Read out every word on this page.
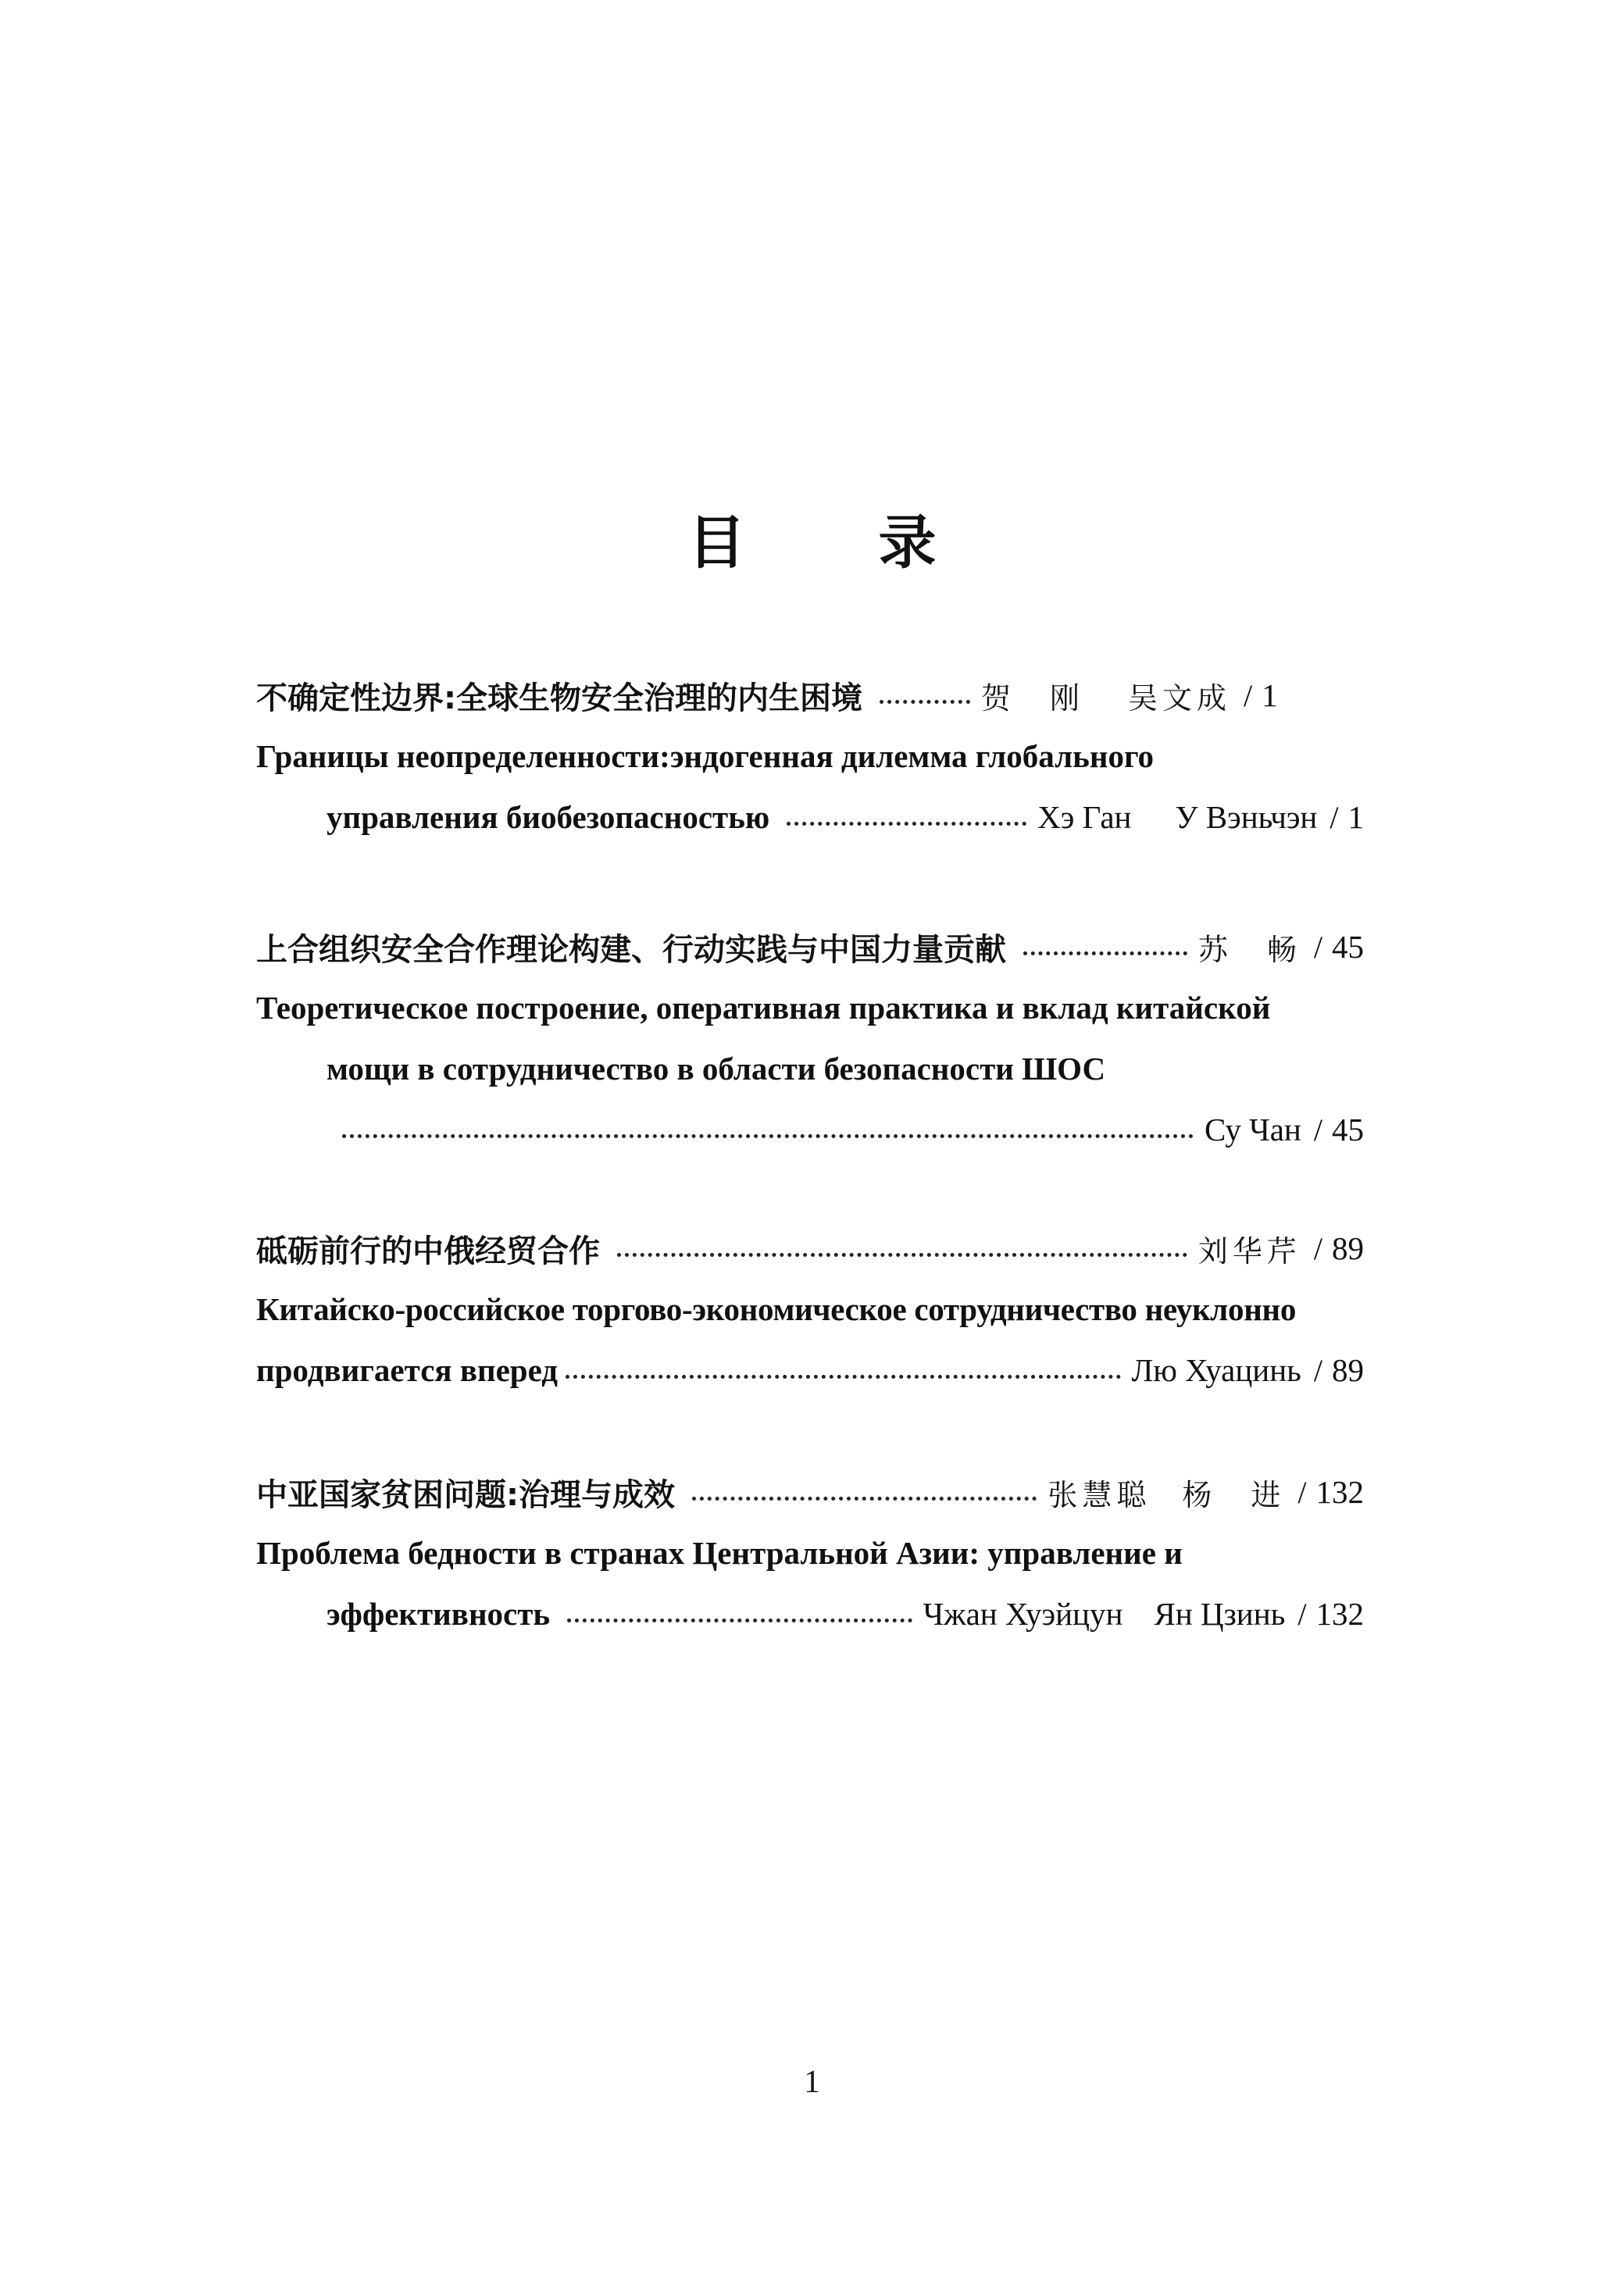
目 录
不确定性边界:全球生物安全治理的内生困境	贺　刚 吴文成 / 1
Границы неопределенности:эндогенная дилемма глобального
управления биобезопасностью	Хэ Ган У Вэньчэн / 1
上合组织安全合作理论构建、行动实践与中国力量贡献	苏　畅 / 45
Теоретическое построение, оперативная практика и вклад китайской
мощи в сотрудничество в области безопасности ШОС
Су Чан / 45
砥砺前行的中俄经贸合作	刘华芹 / 89
Китайско-российское торгово-экономическое сотрудничество неуклонно
продвигается вперед	Лю Хуацинь / 89
中亚国家贫困问题:治理与成效	张慧聪 杨　进 / 132
Проблема бедности в странах Центральной Азии: управление и
эффективность	Чжан Хуэйцун Ян Цзинь / 132
1
